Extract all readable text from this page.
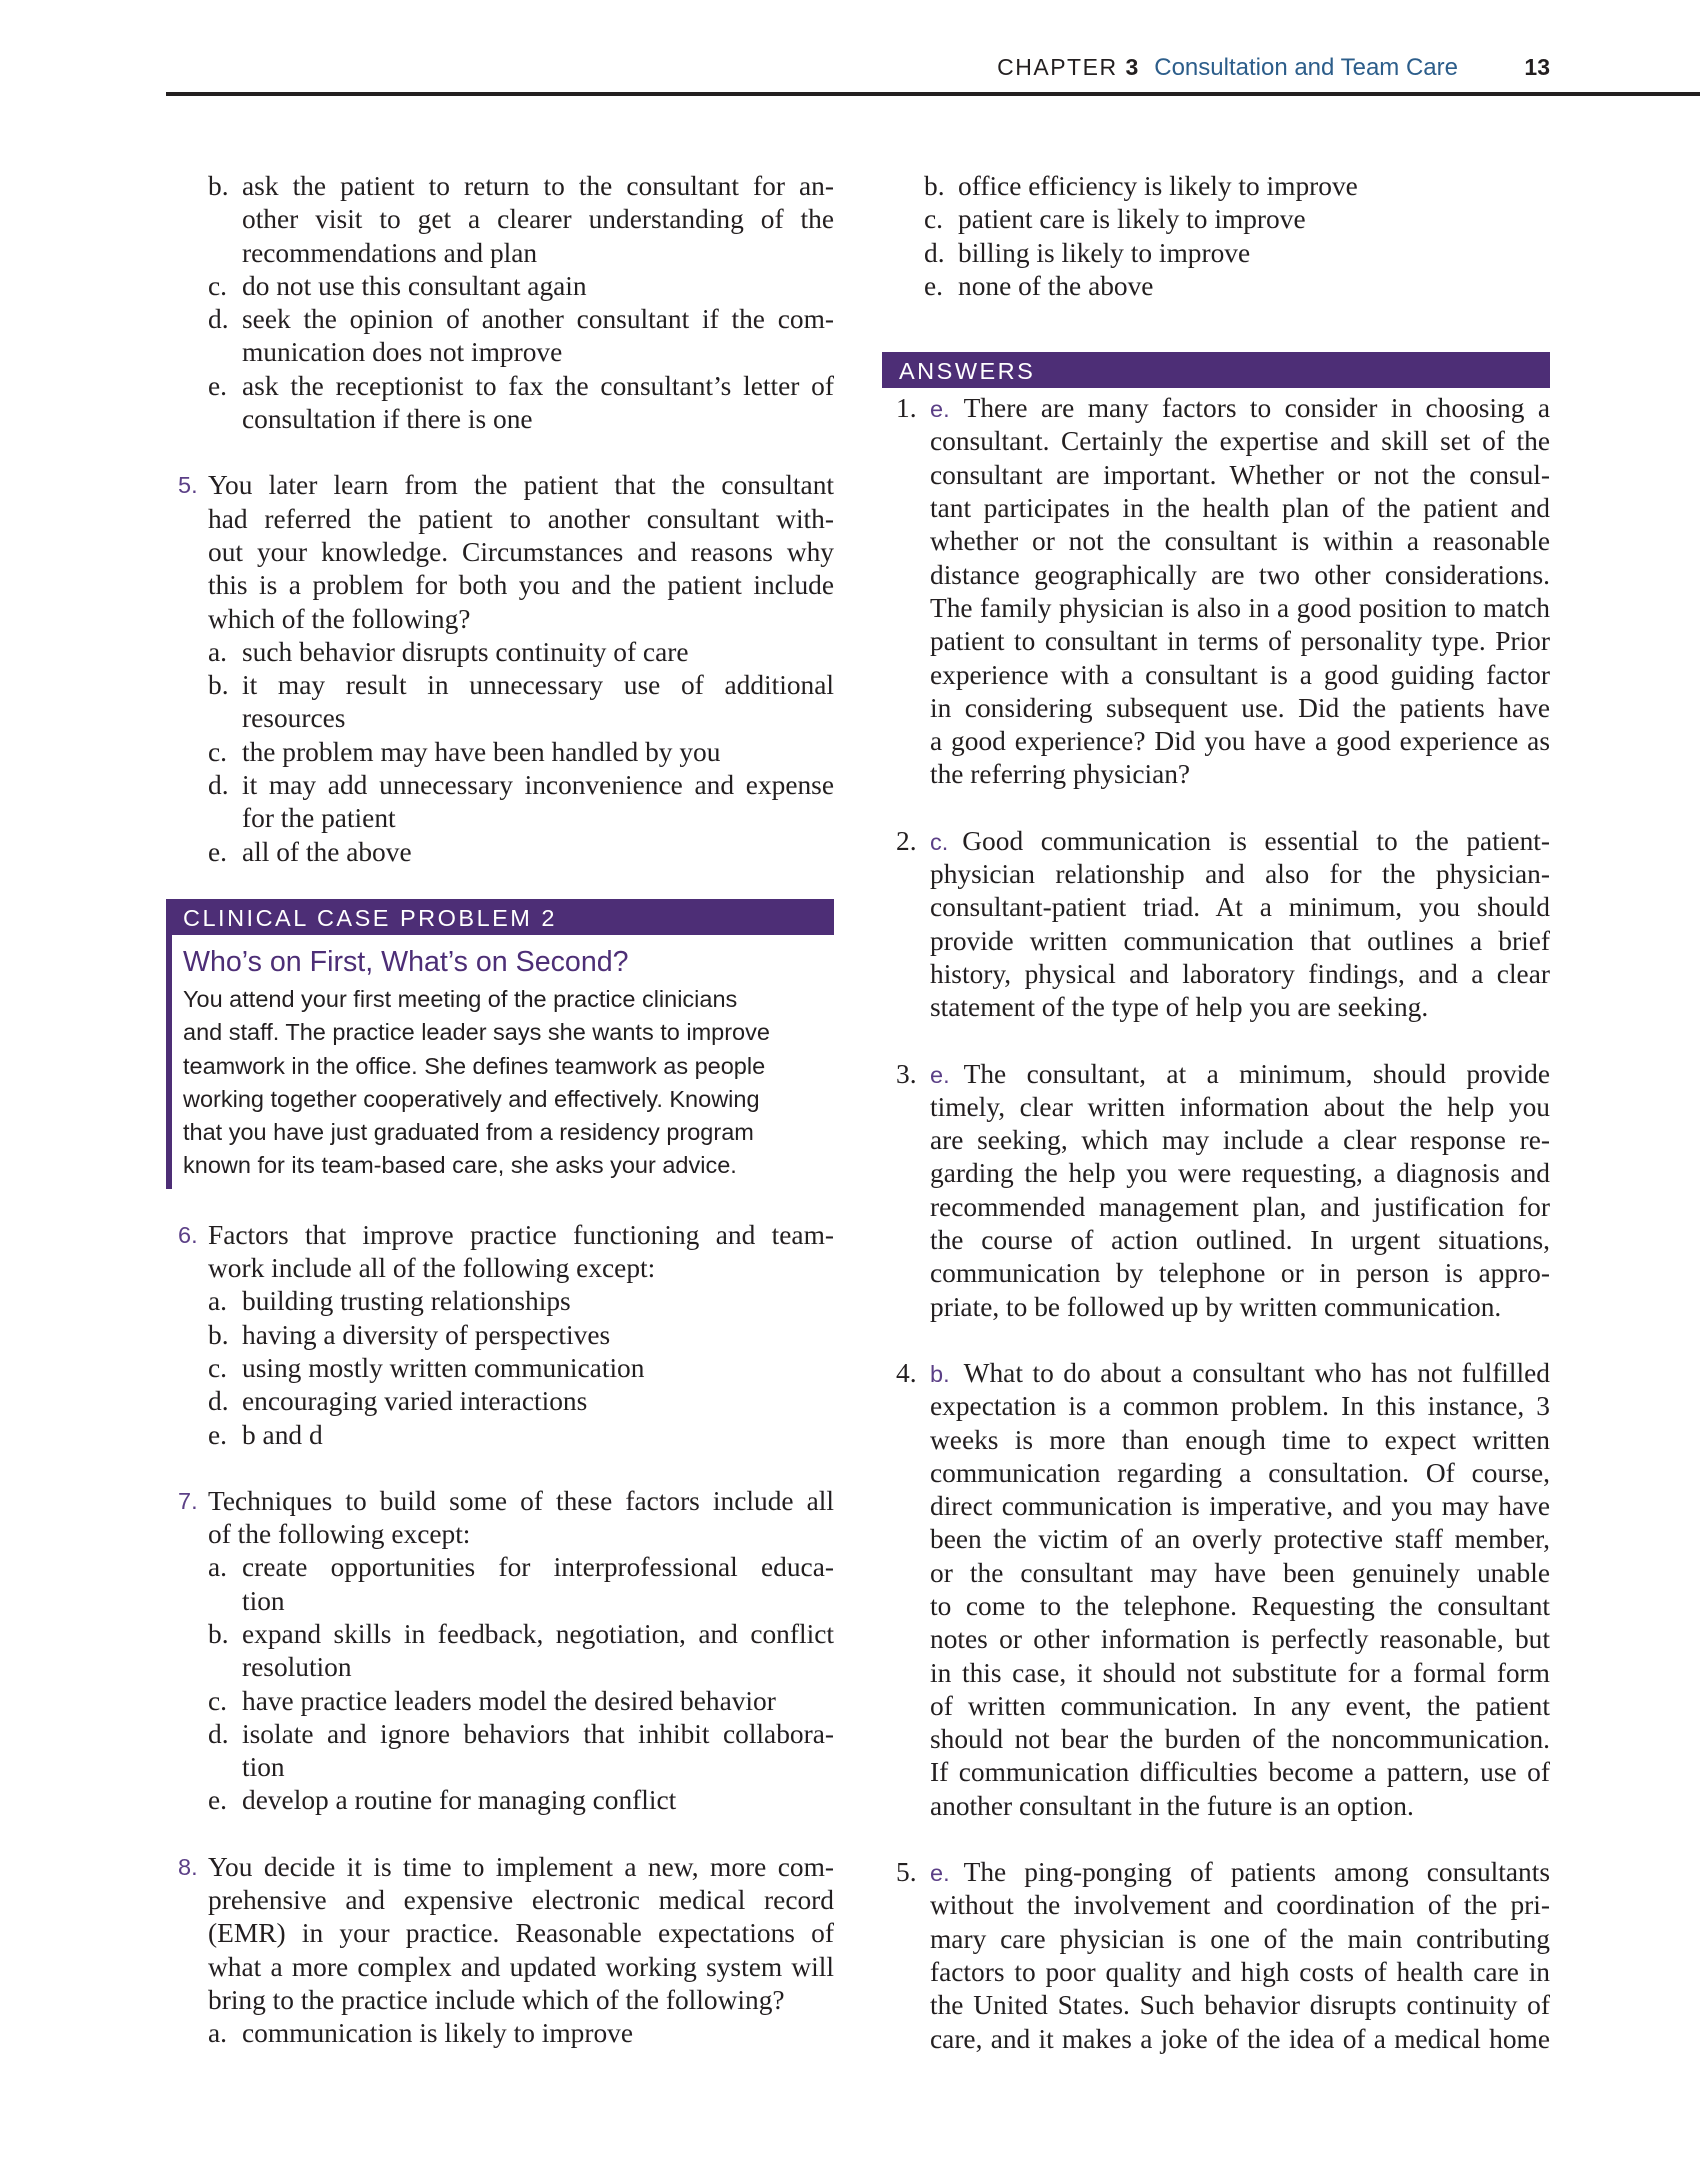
CHAPTER 3 Consultation and Team Care	13
b. ask the patient to return to the consultant for an-
other visit to get a clearer understanding of the
recommendations and plan
c. do not use this consultant again
d. seek the opinion of another consultant if the com-
munication does not improve
e. ask the receptionist to fax the consultant’s letter of
consultation if there is one
5. You later learn from the patient that the consultant
had referred the patient to another consultant with-
out your knowledge. Circumstances and reasons why
this is a problem for both you and the patient include
which of the following?
a. such behavior disrupts continuity of care
b. it may result in unnecessary use of additional
resources
c. the problem may have been handled by you
d. it may add unnecessary inconvenience and expense
for the patient
e. all of the above
CLINICAL CASE PROBLEM 2
Who’s on First, What’s on Second?
You attend your first meeting of the practice clinicians
and staff. The practice leader says she wants to improve
teamwork in the office. She defines teamwork as people
working together cooperatively and effectively. Knowing
that you have just graduated from a residency program
known for its team-based care, she asks your advice.
6. Factors that improve practice functioning and team-
work include all of the following except:
a. building trusting relationships
b. having a diversity of perspectives
c. using mostly written communication
d. encouraging varied interactions
e. b and d
7. Techniques to build some of these factors include all
of the following except:
a. create opportunities for interprofessional educa-
tion
b. expand skills in feedback, negotiation, and conflict
resolution
c. have practice leaders model the desired behavior
d. isolate and ignore behaviors that inhibit collabora-
tion
e. develop a routine for managing conflict
8. You decide it is time to implement a new, more com-
prehensive and expensive electronic medical record
(EMR) in your practice. Reasonable expectations of
what a more complex and updated working system will
bring to the practice include which of the following?
a. communication is likely to improve
b. office efficiency is likely to improve
c. patient care is likely to improve
d. billing is likely to improve
e. none of the above
ANSWERS
1. e. There are many factors to consider in choosing a
consultant. Certainly the expertise and skill set of the
consultant are important. Whether or not the consul-
tant participates in the health plan of the patient and
whether or not the consultant is within a reasonable
distance geographically are two other considerations.
The family physician is also in a good position to match
patient to consultant in terms of personality type. Prior
experience with a consultant is a good guiding factor
in considering subsequent use. Did the patients have
a good experience? Did you have a good experience as
the referring physician?
2. c. Good communication is essential to the patient-
physician relationship and also for the physician-
consultant-patient triad. At a minimum, you should
provide written communication that outlines a brief
history, physical and laboratory findings, and a clear
statement of the type of help you are seeking.
3. e. The consultant, at a minimum, should provide
timely, clear written information about the help you
are seeking, which may include a clear response re-
garding the help you were requesting, a diagnosis and
recommended management plan, and justification for
the course of action outlined. In urgent situations,
communication by telephone or in person is appro-
priate, to be followed up by written communication.
4. b. What to do about a consultant who has not fulfilled
expectation is a common problem. In this instance, 3
weeks is more than enough time to expect written
communication regarding a consultation. Of course,
direct communication is imperative, and you may have
been the victim of an overly protective staff member,
or the consultant may have been genuinely unable
to come to the telephone. Requesting the consultant
notes or other information is perfectly reasonable, but
in this case, it should not substitute for a formal form
of written communication. In any event, the patient
should not bear the burden of the noncommunication.
If communication difficulties become a pattern, use of
another consultant in the future is an option.
5. e. The ping-ponging of patients among consultants
without the involvement and coordination of the pri-
mary care physician is one of the main contributing
factors to poor quality and high costs of health care in
the United States. Such behavior disrupts continuity of
care, and it makes a joke of the idea of a medical home
